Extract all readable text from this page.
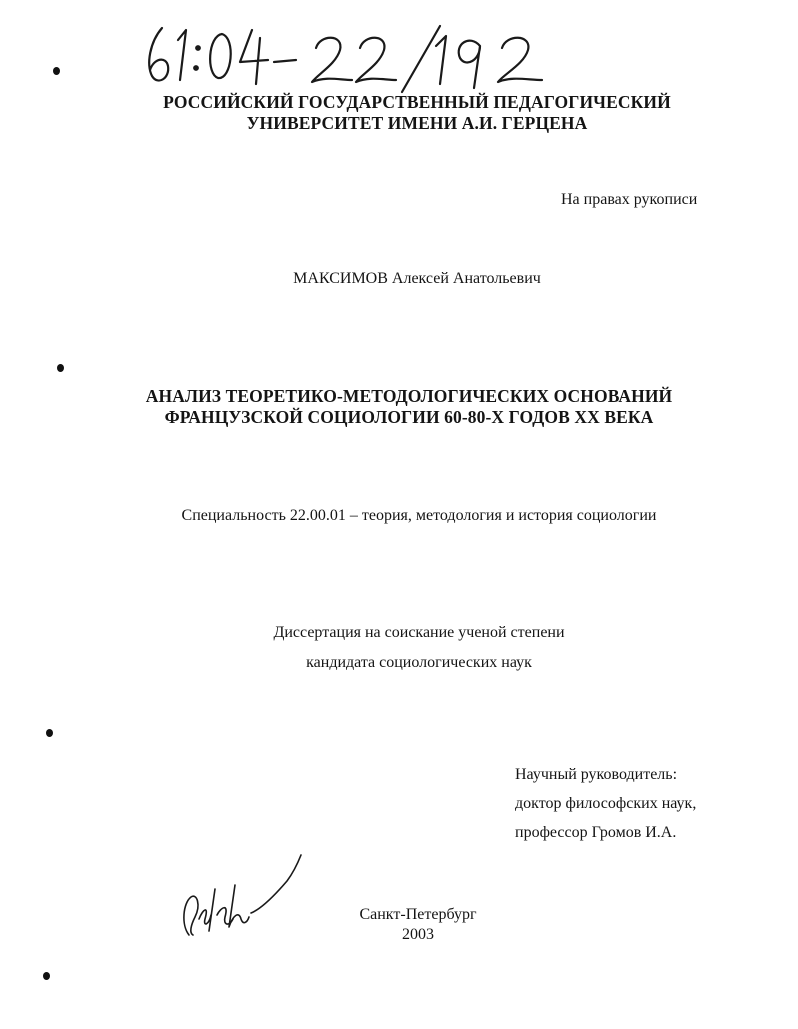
РОССИЙСКИЙ ГОСУДАРСТВЕННЫЙ ПЕДАГОГИЧЕСКИЙ
УНИВЕРСИТЕТ ИМЕНИ А.И. ГЕРЦЕНА
На правах рукописи
МАКСИМОВ Алексей Анатольевич
АНАЛИЗ ТЕОРЕТИКО-МЕТОДОЛОГИЧЕСКИХ ОСНОВАНИЙ
ФРАНЦУЗСКОЙ СОЦИОЛОГИИ 60-80-Х ГОДОВ XX ВЕКА
Специальность 22.00.01 – теория, методология и история социологии
Диссертация на соискание ученой степени
кандидата социологических наук
Научный руководитель:
доктор философских наук,
профессор Громов И.А.
Санкт-Петербург
2003
